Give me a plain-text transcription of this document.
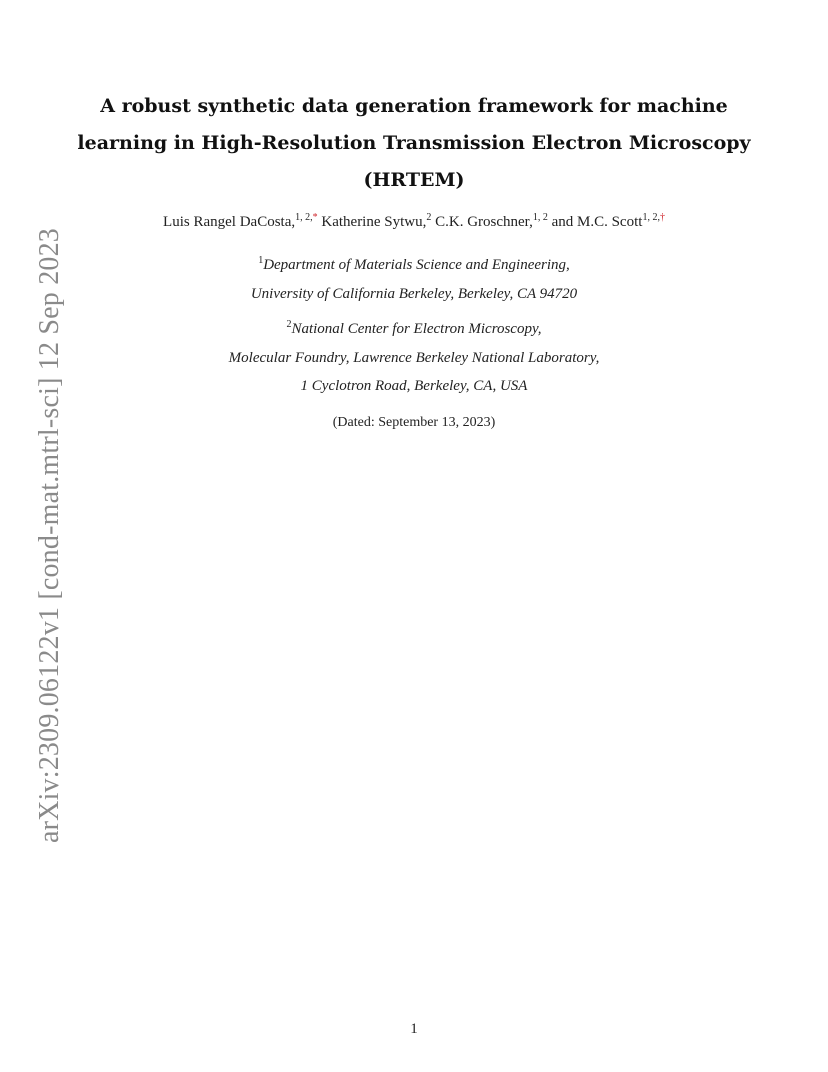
arXiv:2309.06122v1 [cond-mat.mtrl-sci] 12 Sep 2023
A robust synthetic data generation framework for machine
learning in High-Resolution Transmission Electron Microscopy
(HRTEM)
Luis Rangel DaCosta,$^{1, 2,*}$ Katherine Sytwu,$^2$ C.K. Groschner,$^{1, 2}$ and M.C. Scott$^{1, 2,\dagger}$
$^1$Department of Materials Science and Engineering,
University of California Berkeley, Berkeley, CA 94720
$^2$National Center for Electron Microscopy,
Molecular Foundry, Lawrence Berkeley National Laboratory,
1 Cyclotron Road, Berkeley, CA, USA
(Dated: September 13, 2023)
1
